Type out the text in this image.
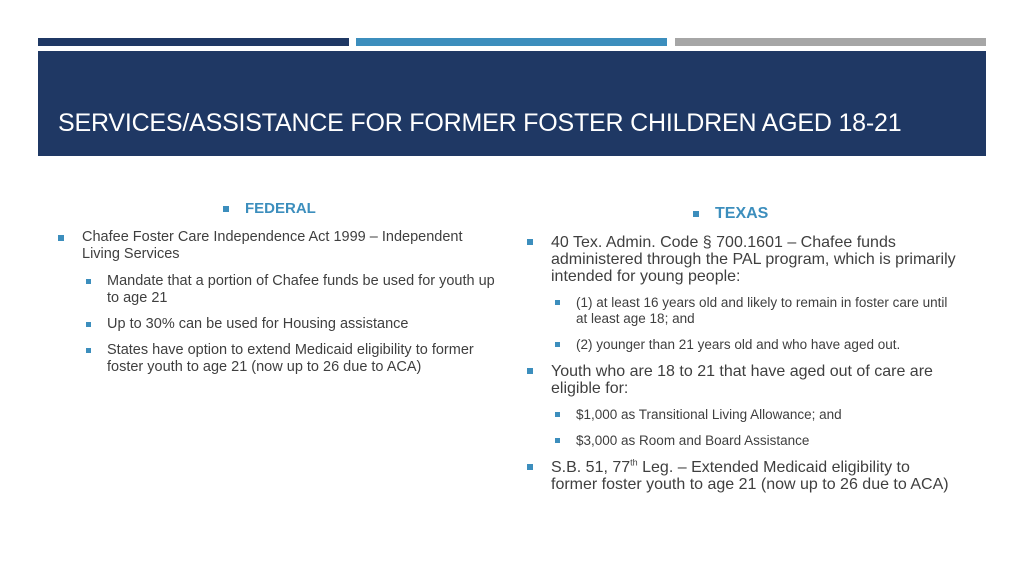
SERVICES/ASSISTANCE FOR FORMER FOSTER CHILDREN AGED 18-21
FEDERAL
Chafee Foster Care Independence Act 1999 – Independent Living Services
Mandate that a portion of Chafee funds be used for youth up to age 21
Up to 30% can be used for Housing assistance
States have option to extend Medicaid eligibility to former foster youth to age 21 (now up to 26 due to ACA)
TEXAS
40 Tex. Admin. Code § 700.1601 – Chafee funds administered through the PAL program, which is primarily intended for young people:
(1) at least 16 years old and likely to remain in foster care until at least age 18; and
(2) younger than 21 years old and who have aged out.
Youth who are 18 to 21 that have aged out of care are eligible for:
$1,000 as Transitional Living Allowance; and
$3,000 as Room and Board Assistance
S.B. 51, 77th Leg. – Extended Medicaid eligibility to former foster youth to age 21 (now up to 26 due to ACA)
